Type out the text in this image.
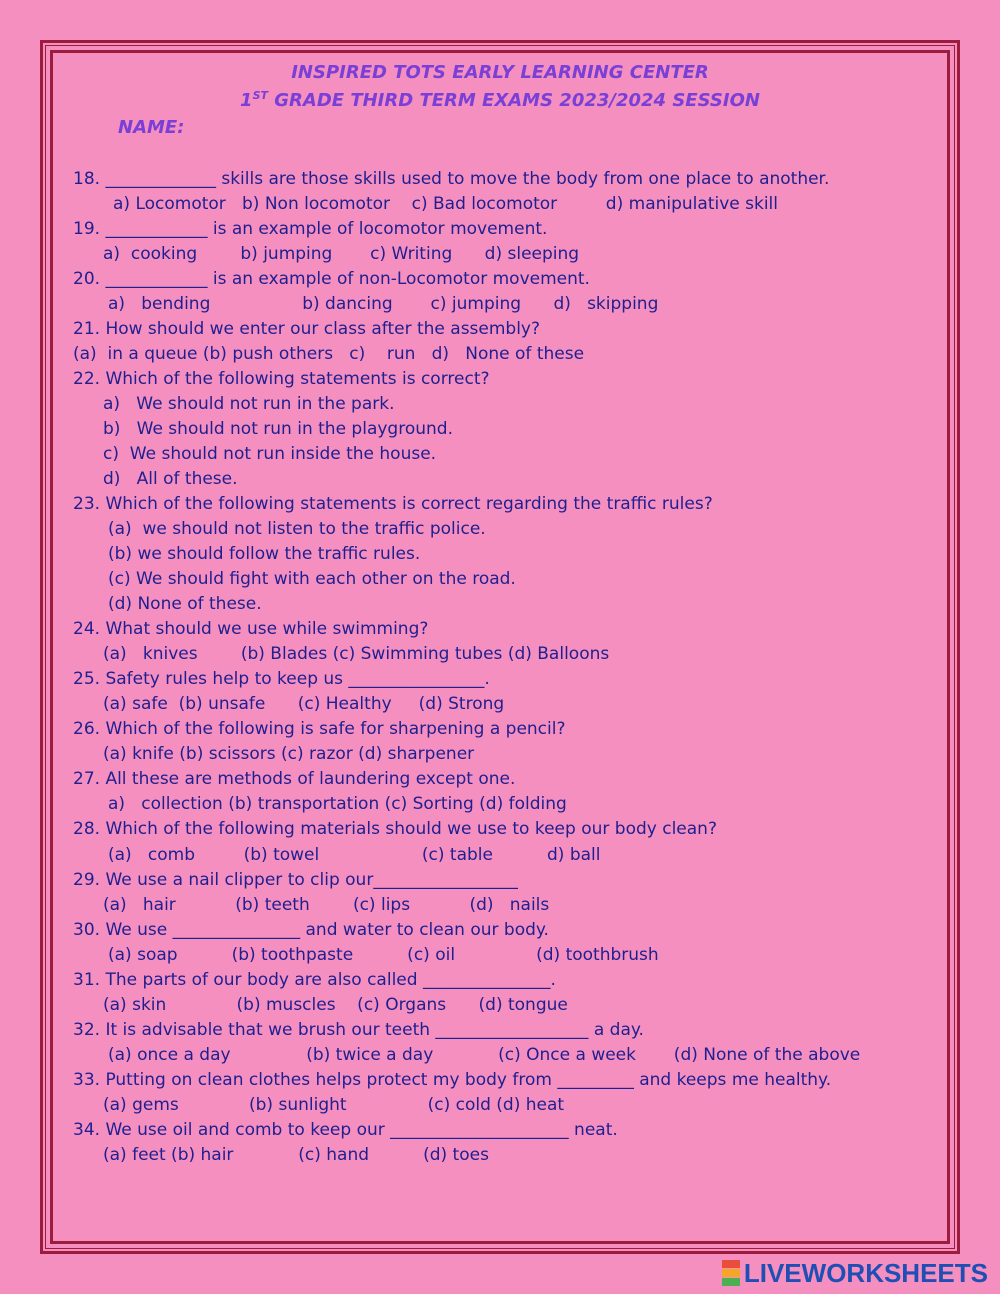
INSPIRED TOTS EARLY LEARNING CENTER
1ST GRADE THIRD TERM EXAMS 2023/2024 SESSION
NAME:
18. _____________ skills are those skills used to move the body from one place to another.
a) Locomotor   b) Non locomotor    c) Bad locomotor         d) manipulative skill
19. ____________ is an example of locomotor movement.
a)  cooking        b) jumping       c) Writing      d) sleeping
20. ____________ is an example of non-Locomotor movement.
a)   bending                 b) dancing       c) jumping      d)   skipping
21. How should we enter our class after the assembly?
(a)  in a queue (b) push others   c)    run   d)   None of these
22. Which of the following statements is correct?
a)   We should not run in the park.
b)   We should not run in the playground.
c)  We should not run inside the house.
d)   All of these.
23. Which of the following statements is correct regarding the traffic rules?
(a)  we should not listen to the traffic police.
(b) we should follow the traffic rules.
(c) We should fight with each other on the road.
(d) None of these.
24. What should we use while swimming?
(a)   knives        (b) Blades (c) Swimming tubes (d) Balloons
25. Safety rules help to keep us ________________.
(a) safe  (b) unsafe      (c) Healthy     (d) Strong
26. Which of the following is safe for sharpening a pencil?
(a) knife (b) scissors (c) razor (d) sharpener
27. All these are methods of laundering except one.
a)   collection (b) transportation (c) Sorting (d) folding
28. Which of the following materials should we use to keep our body clean?
(a)   comb         (b) towel                   (c) table          d) ball
29. We use a nail clipper to clip our_________________
(a)   hair           (b) teeth        (c) lips           (d)   nails
30. We use _______________ and water to clean our body.
(a) soap          (b) toothpaste          (c) oil               (d) toothbrush
31. The parts of our body are also called _______________.
(a) skin             (b) muscles    (c) Organs      (d) tongue
32. It is advisable that we brush our teeth __________________ a day.
(a) once a day              (b) twice a day            (c) Once a week       (d) None of the above
33. Putting on clean clothes helps protect my body from _________ and keeps me healthy.
(a) gems             (b) sunlight               (c) cold (d) heat
34. We use oil and comb to keep our _____________________ neat.
(a) feet (b) hair            (c) hand          (d) toes
LIVEWORKSHEETS
